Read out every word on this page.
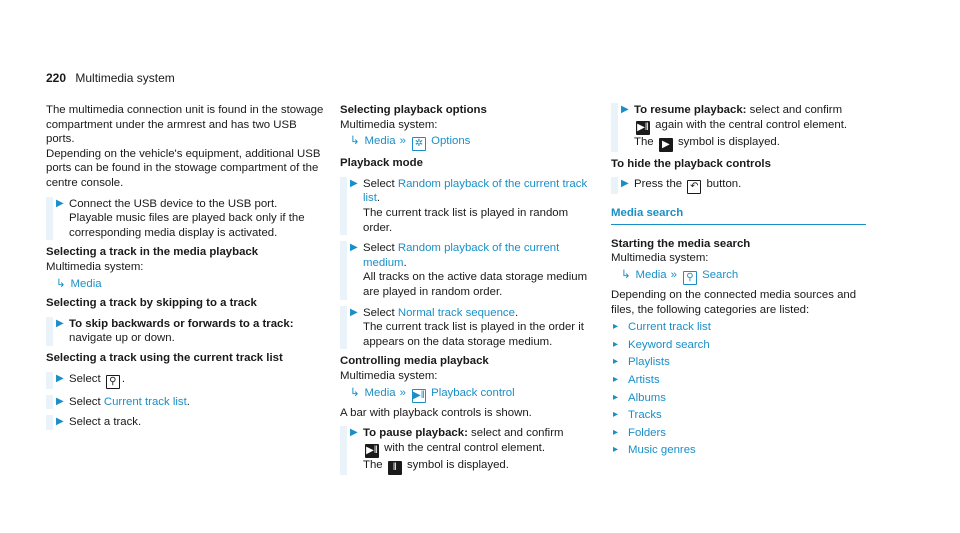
220 Multimedia system

The multimedia connection unit is found in the stowage compartment under the armrest and has two USB ports.

Depending on the vehicle's equipment, additional USB ports can be found in the stowage compartment of the centre console.

▶ Connect the USB device to the USB port.

Playable music files are played back only if the corresponding media display is activated.

Selecting a track in the media playback

Multimedia system:

↳ Media

Selecting a track by skipping to a track

▶ To skip backwards or forwards to a track: navigate up or down.

Selecting a track using the current track list

▶ Select ⚲ .

▶ Select Current track list.

▶ Select a track.

Selecting playback options

Multimedia system:

↳ Media » ✲ Options

Playback mode

▶ Select Random playback of the current track list.

The current track list is played in random order.

▶ Select Random playback of the current medium.

All tracks on the active data storage medium are played in random order.

▶ Select Normal track sequence.

The current track list is played in the order it appears on the data storage medium.

Controlling media playback

Multimedia system:

↳ Media » ▶‖ Playback control

A bar with playback controls is shown.

▶ To pause playback: select and confirm

▶‖ with the central control element.

The ‖ symbol is displayed.

▶ To resume playback: select and confirm

▶‖ again with the central control element.

The ▶ symbol is displayed.

To hide the playback controls

▶ Press the ↶ button.

Media search

Starting the media search

Multimedia system:

↳ Media » ⚲ Search

Depending on the connected media sources and files, the following categories are listed:

▸ Current track list
▸ Keyword search
▸ Playlists
▸ Artists
▸ Albums
▸ Tracks
▸ Folders
▸ Music genres
